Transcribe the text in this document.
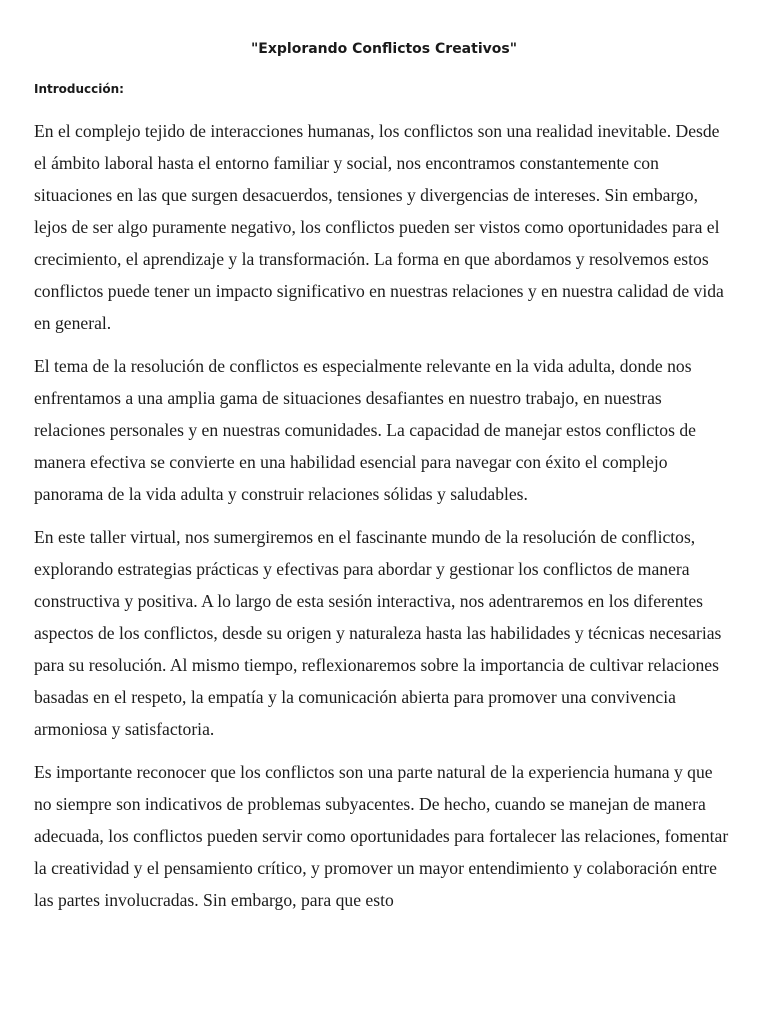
"Explorando Conflictos Creativos"
Introducción:

En el complejo tejido de interacciones humanas, los conflictos son una realidad inevitable. Desde el ámbito laboral hasta el entorno familiar y social, nos encontramos constantemente con situaciones en las que surgen desacuerdos, tensiones y divergencias de intereses. Sin embargo, lejos de ser algo puramente negativo, los conflictos pueden ser vistos como oportunidades para el crecimiento, el aprendizaje y la transformación. La forma en que abordamos y resolvemos estos conflictos puede tener un impacto significativo en nuestras relaciones y en nuestra calidad de vida en general.

El tema de la resolución de conflictos es especialmente relevante en la vida adulta, donde nos enfrentamos a una amplia gama de situaciones desafiantes en nuestro trabajo, en nuestras relaciones personales y en nuestras comunidades. La capacidad de manejar estos conflictos de manera efectiva se convierte en una habilidad esencial para navegar con éxito el complejo panorama de la vida adulta y construir relaciones sólidas y saludables.

En este taller virtual, nos sumergiremos en el fascinante mundo de la resolución de conflictos, explorando estrategias prácticas y efectivas para abordar y gestionar los conflictos de manera constructiva y positiva. A lo largo de esta sesión interactiva, nos adentraremos en los diferentes aspectos de los conflictos, desde su origen y naturaleza hasta las habilidades y técnicas necesarias para su resolución. Al mismo tiempo, reflexionaremos sobre la importancia de cultivar relaciones basadas en el respeto, la empatía y la comunicación abierta para promover una convivencia armoniosa y satisfactoria.

Es importante reconocer que los conflictos son una parte natural de la experiencia humana y que no siempre son indicativos de problemas subyacentes. De hecho, cuando se manejan de manera adecuada, los conflictos pueden servir como oportunidades para fortalecer las relaciones, fomentar la creatividad y el pensamiento crítico, y promover un mayor entendimiento y colaboración entre las partes involucradas. Sin embargo, para que esto
